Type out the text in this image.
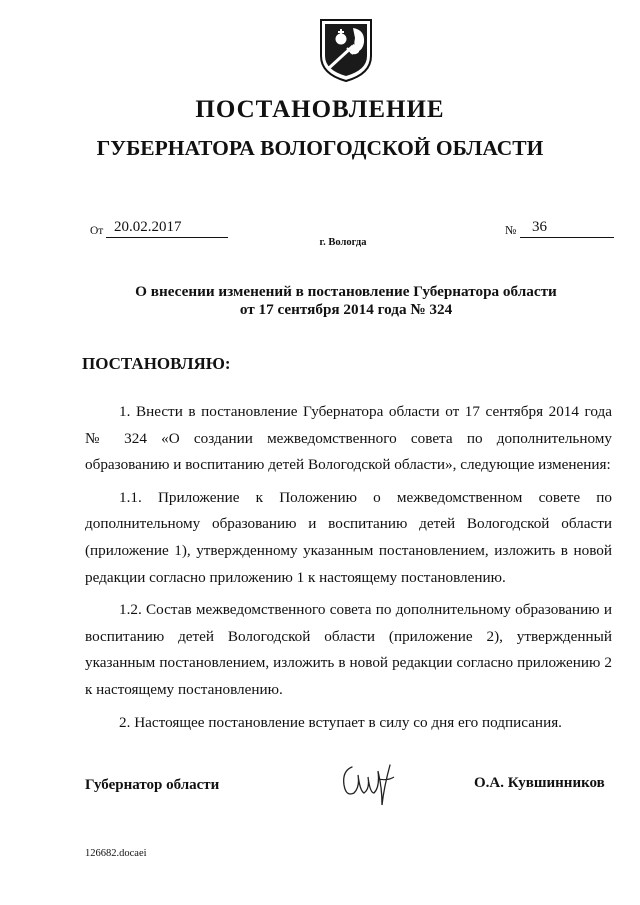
ПОСТАНОВЛЕНИЕ
ГУБЕРНАТОРА ВОЛОГОДСКОЙ ОБЛАСТИ
От 20.02.2017	№	36
г. Вологда
О внесении изменений в постановление Губернатора области
от 17 сентября 2014 года № 324
ПОСТАНОВЛЯЮ:

1. Внести в постановление Губернатора области от 17 сентября 2014 года № 324 «О создании межведомственного совета по дополнительному образованию и воспитанию детей Вологодской области», следующие изменения:

1.1. Приложение к Положению о межведомственном совете по дополнительному образованию и воспитанию детей Вологодской области (приложение 1), утвержденному указанным постановлением, изложить в новой редакции согласно приложению 1 к настоящему постановлению.

1.2. Состав межведомственного совета по дополнительному образованию и воспитанию детей Вологодской области (приложение 2), утвержденный указанным постановлением, изложить в новой редакции согласно приложению 2 к настоящему постановлению.

2. Настоящее постановление вступает в силу со дня его подписания.

Губернатор области	О.А. Кувшинников
126682.docaei
